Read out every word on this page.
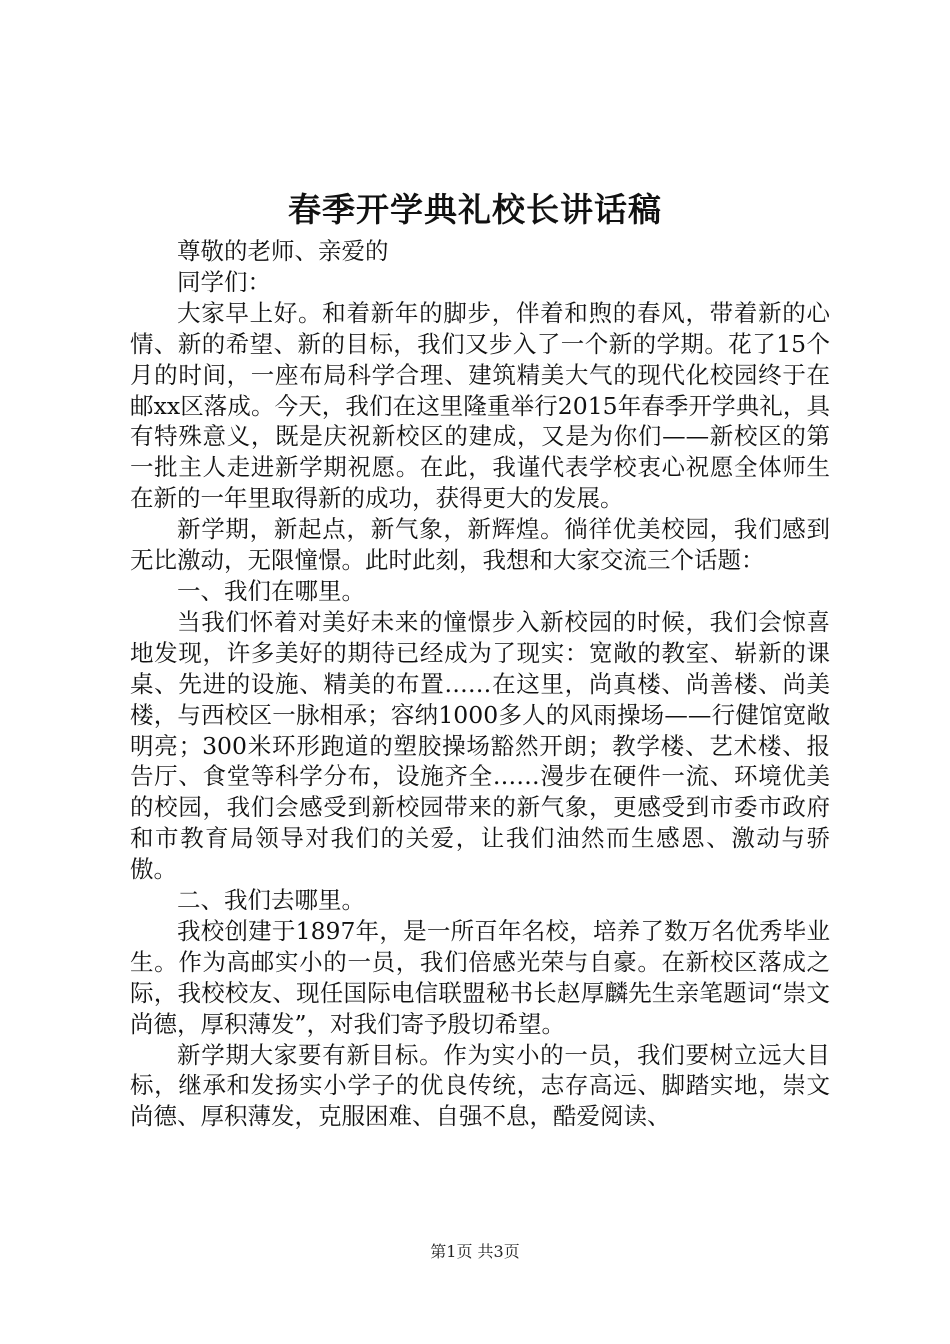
春季开学典礼校长讲话稿

尊敬的老师、亲爱的

同学们：

大家早上好。和着新年的脚步，伴着和煦的春风，带着新的心情、新的希望、新的目标，我们又步入了一个新的学期。花了15个月的时间，一座布局科学合理、建筑精美大气的现代化校园终于在邮xx区落成。今天，我们在这里隆重举行2015年春季开学典礼，具有特殊意义，既是庆祝新校区的建成，又是为你们——新校区的第一批主人走进新学期祝愿。在此，我谨代表学校衷心祝愿全体师生在新的一年里取得新的成功，获得更大的发展。

新学期，新起点，新气象，新辉煌。徜徉优美校园，我们感到无比激动，无限憧憬。此时此刻，我想和大家交流三个话题：

一、我们在哪里。

当我们怀着对美好未来的憧憬步入新校园的时候，我们会惊喜地发现，许多美好的期待已经成为了现实：宽敞的教室、崭新的课桌、先进的设施、精美的布置……在这里，尚真楼、尚善楼、尚美楼，与西校区一脉相承；容纳1000多人的风雨操场——行健馆宽敞明亮；300米环形跑道的塑胶操场豁然开朗；教学楼、艺术楼、报告厅、食堂等科学分布，设施齐全……漫步在硬件一流、环境优美的校园，我们会感受到新校园带来的新气象，更感受到市委市政府和市教育局领导对我们的关爱，让我们油然而生感恩、激动与骄傲。

二、我们去哪里。

我校创建于1897年，是一所百年名校，培养了数万名优秀毕业生。作为高邮实小的一员，我们倍感光荣与自豪。在新校区落成之际，我校校友、现任国际电信联盟秘书长赵厚麟先生亲笔题词“崇文尚德，厚积薄发”，对我们寄予殷切希望。

新学期大家要有新目标。作为实小的一员，我们要树立远大目标，继承和发扬实小学子的优良传统，志存高远、脚踏实地，崇文尚德、厚积薄发，克服困难、自强不息，酷爱阅读、

第1页 共3页
